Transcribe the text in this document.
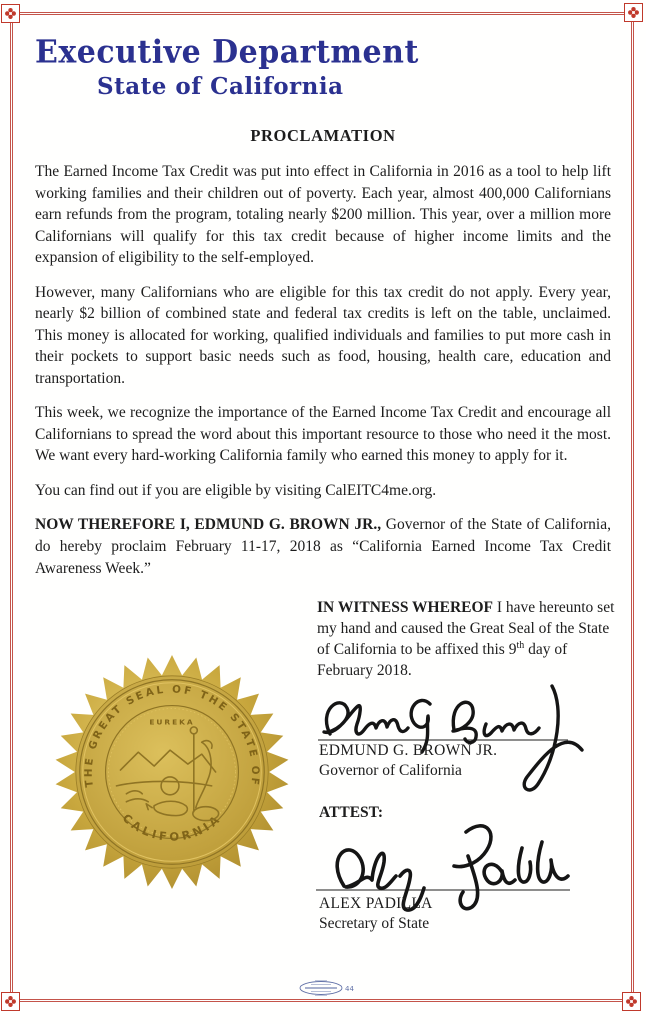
Executive Department
State of California
PROCLAMATION

The Earned Income Tax Credit was put into effect in California in 2016 as a tool to help lift working families and their children out of poverty. Each year, almost 400,000 Californians earn refunds from the program, totaling nearly $200 million. This year, over a million more Californians will qualify for this tax credit because of higher income limits and the expansion of eligibility to the self-employed.

However, many Californians who are eligible for this tax credit do not apply. Every year, nearly $2 billion of combined state and federal tax credits is left on the table, unclaimed. This money is allocated for working, qualified individuals and families to put more cash in their pockets to support basic needs such as food, housing, health care, education and transportation.

This week, we recognize the importance of the Earned Income Tax Credit and encourage all Californians to spread the word about this important resource to those who need it the most. We want every hard-working California family who earned this money to apply for it.

You can find out if you are eligible by visiting CalEITC4me.org.

NOW THEREFORE I, EDMUND G. BROWN JR., Governor of the State of California, do hereby proclaim February 11-17, 2018 as “California Earned Income Tax Credit Awareness Week.”

IN WITNESS WHEREOF I have hereunto set my hand and caused the Great Seal of the State of California to be affixed this 9th day of February 2018.
EDMUND G. BROWN JR.
Governor of California
ATTEST:
ALEX PADILLA
Secretary of State
THE GREAT SEAL OF THE STATE OF
CALIFORNIA
EUREKA
44
